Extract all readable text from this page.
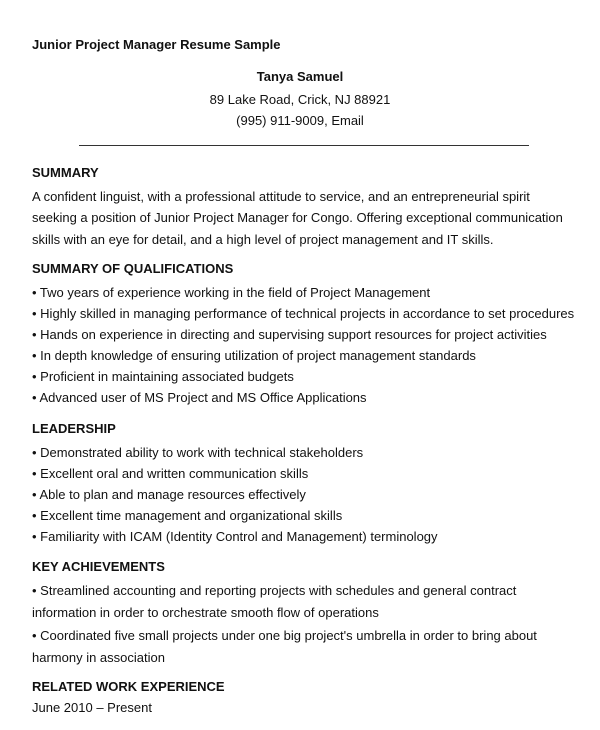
Junior Project Manager Resume Sample
Tanya Samuel
89 Lake Road, Crick, NJ 88921
(995) 911-9009, Email
SUMMARY

A confident linguist, with a professional attitude to service, and an entrepreneurial spirit seeking a position of Junior Project Manager for Congo. Offering exceptional communication skills with an eye for detail, and a high level of project management and IT skills.

SUMMARY OF QUALIFICATIONS

• Two years of experience working in the field of Project Management

• Highly skilled in managing performance of technical projects in accordance to set procedures

• Hands on experience in directing and supervising support resources for project activities

• In depth knowledge of ensuring utilization of project management standards

• Proficient in maintaining associated budgets

• Advanced user of MS Project and MS Office Applications

LEADERSHIP

• Demonstrated ability to work with technical stakeholders

• Excellent oral and written communication skills

• Able to plan and manage resources effectively

• Excellent time management and organizational skills

• Familiarity with ICAM (Identity Control and Management) terminology

KEY ACHIEVEMENTS

• Streamlined accounting and reporting projects with schedules and general contract information in order to orchestrate smooth flow of operations

• Coordinated five small projects under one big project's umbrella in order to bring about harmony in association

RELATED WORK EXPERIENCE

June 2010 – Present
